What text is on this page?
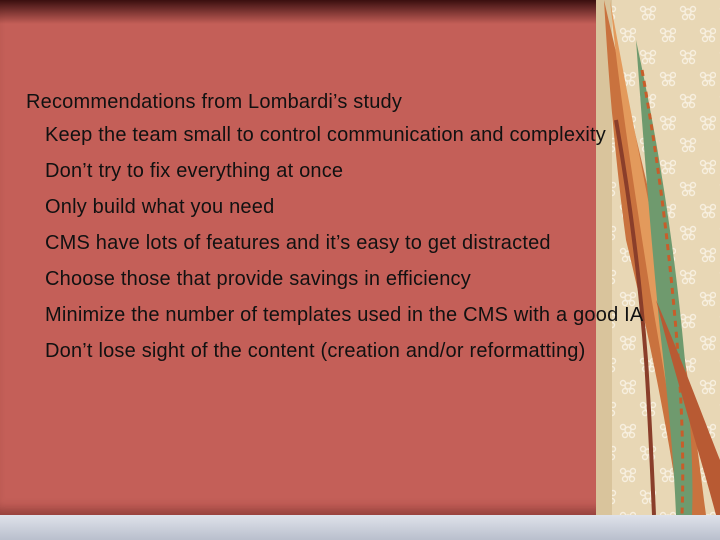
Recommendations from Lombardi’s study
Keep the team small to control communication and complexity
Don’t try to fix everything at once
Only build what you need
CMS have lots of features and it’s easy to get distracted
Choose those that provide savings in efficiency
Minimize the number of templates used in the CMS with a good IA
Don’t lose sight of the content (creation and/or reformatting)
